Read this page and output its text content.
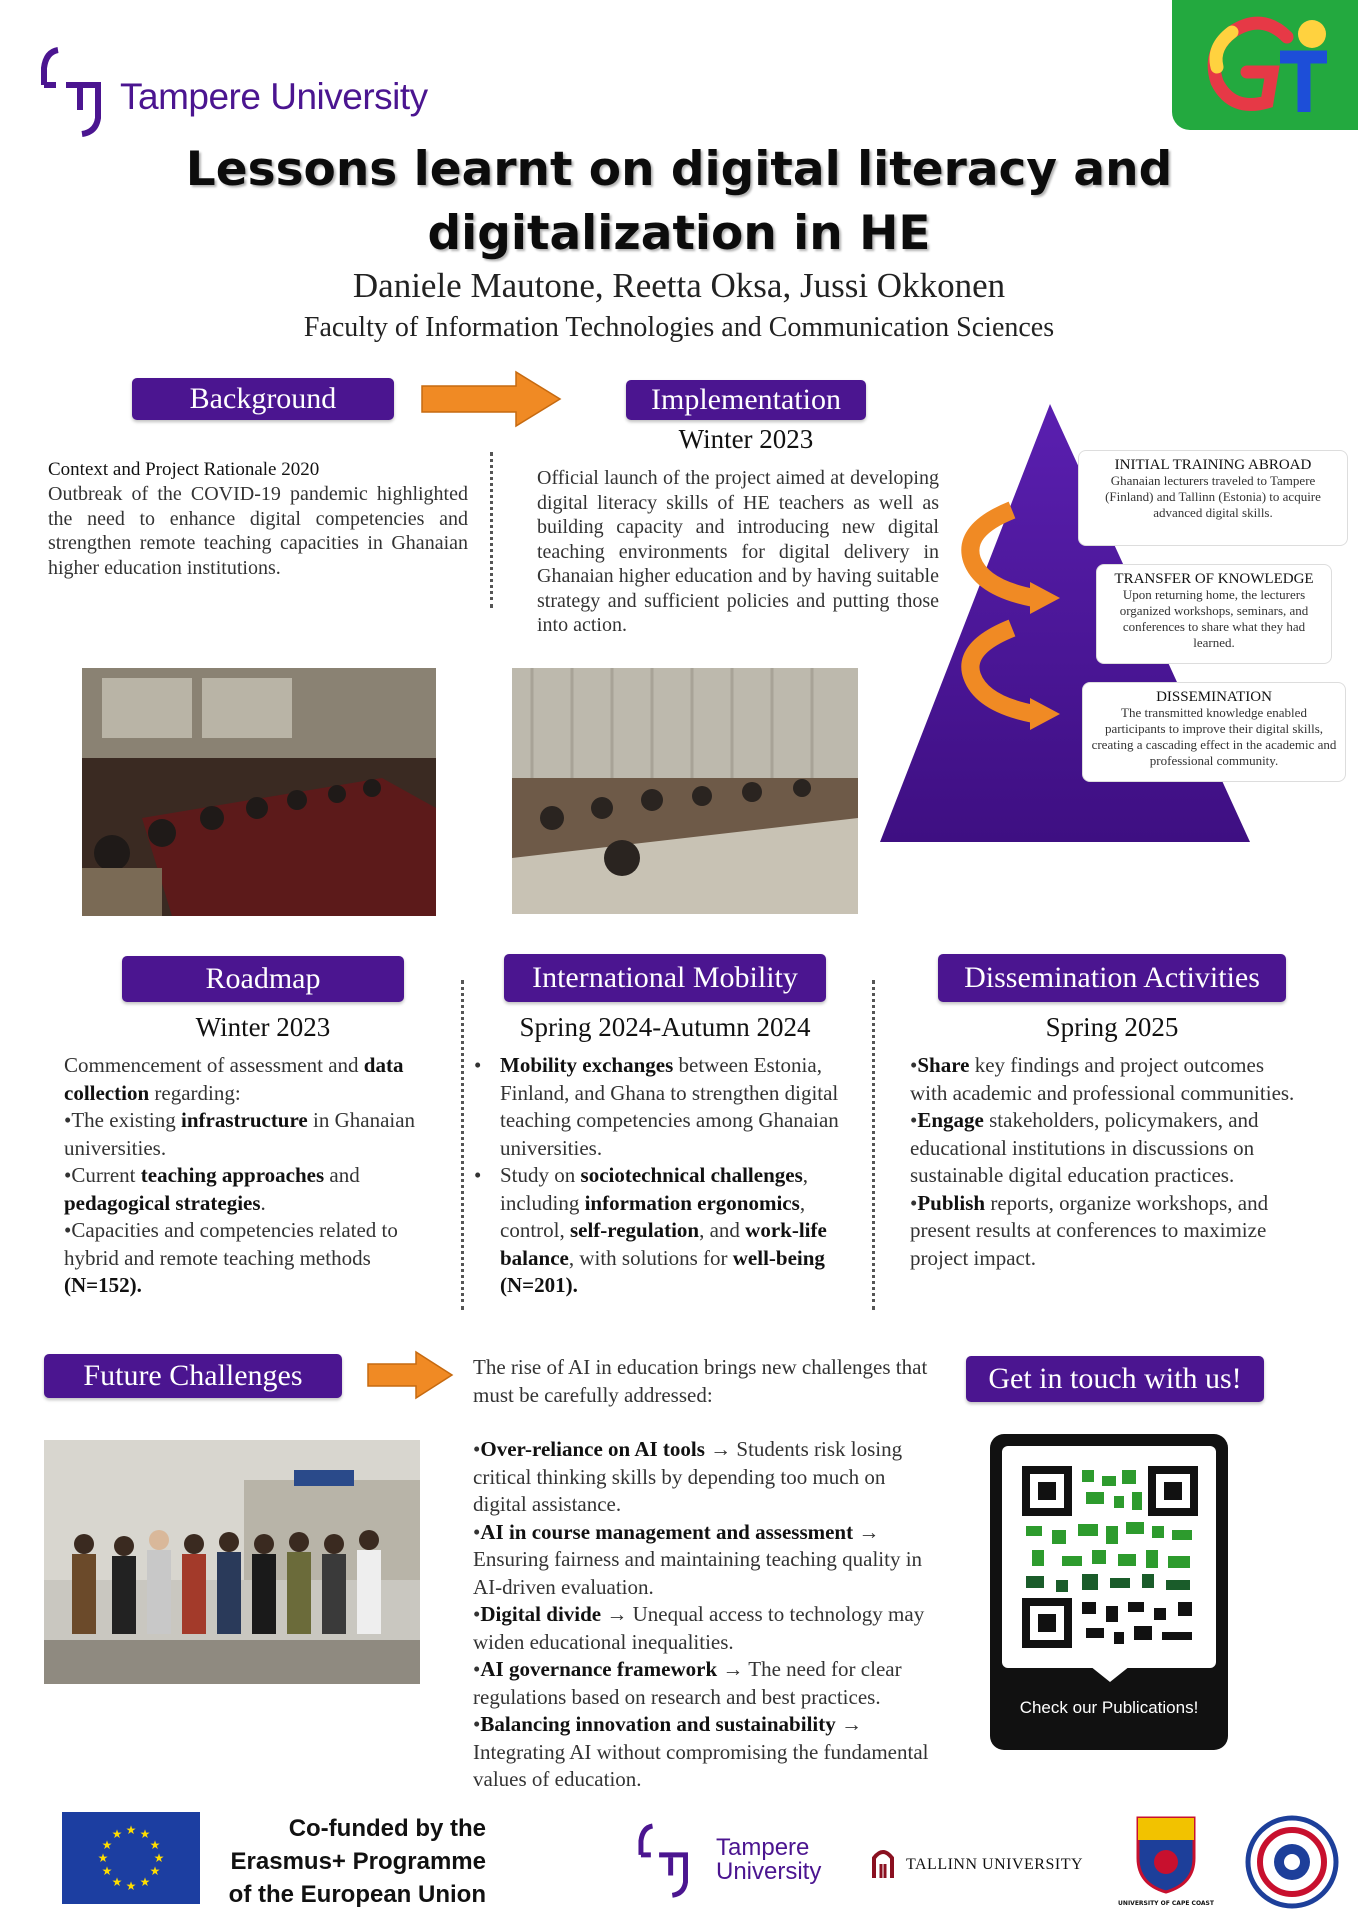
Tampere University
Lessons learnt on digital literacy and
digitalization in HE
Daniele Mautone, Reetta Oksa, Jussi Okkonen
Faculty of Information Technologies and Communication Sciences
Background
Context and Project Rationale 2020
Outbreak of the COVID-19 pandemic highlighted the need to enhance digital competencies and strengthen remote teaching capacities in Ghanaian higher education institutions.
Implementation
Winter 2023
Official launch of the project aimed at developing digital literacy skills of HE teachers as well as building capacity and introducing new digital teaching environments for digital delivery in Ghanaian higher education and by having suitable strategy and sufficient policies and putting those into action.
INITIAL TRAINING ABROAD
Ghanaian lecturers traveled to Tampere (Finland) and Tallinn (Estonia) to acquire advanced digital skills.
TRANSFER OF KNOWLEDGE
Upon returning home, the lecturers organized workshops, seminars, and conferences to share what they had learned.
DISSEMINATION
The transmitted knowledge enabled participants to improve their digital skills, creating a cascading effect in the academic and professional community.
Roadmap
Winter 2023
Commencement of assessment and data collection regarding:
•The existing infrastructure in Ghanaian universities.
•Current teaching approaches and pedagogical strategies.
•Capacities and competencies related to hybrid and remote teaching methods (N=152).
International Mobility
Spring 2024-Autumn 2024
• Mobility exchanges between Estonia, Finland, and Ghana to strengthen digital teaching competencies among Ghanaian universities.
• Study on sociotechnical challenges, including information ergonomics, control, self-regulation, and work-life balance, with solutions for well-being
(N=201).
Dissemination Activities
Spring 2025
•Share key findings and project outcomes with academic and professional communities.
•Engage stakeholders, policymakers, and educational institutions in discussions on sustainable digital education practices.
•Publish reports, organize workshops, and present results at conferences to maximize project impact.
Future Challenges	The rise of AI in education brings new challenges that must be carefully addressed:
•Over-reliance on AI tools → Students risk losing critical thinking skills by depending too much on digital assistance.
•AI in course management and assessment → Ensuring fairness and maintaining teaching quality in AI-driven evaluation.
•Digital divide → Unequal access to technology may widen educational inequalities.
•AI governance framework → The need for clear regulations based on research and best practices.
•Balancing innovation and sustainability → Integrating AI without compromising the fundamental values of education.
Get in touch with us!
Check our Publications!
★ ★
★
★
★
★
★
★
★
★
★
★	Co-funded by the
Erasmus+ Programme
of the European Union
Tampere
University	TALLINN UNIVERSITY
UNIVERSITY OF CAPE COAST
